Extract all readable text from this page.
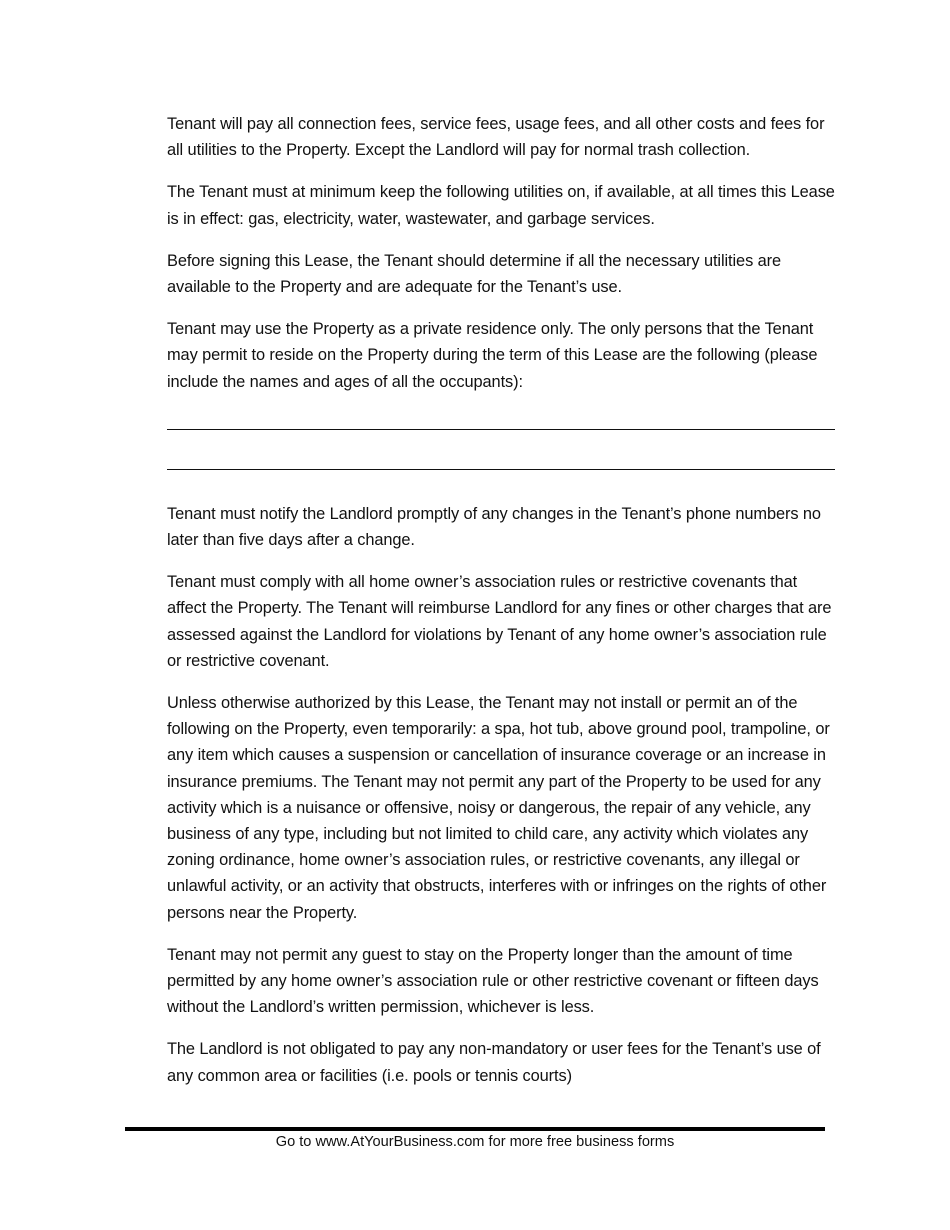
Tenant will pay all connection fees, service fees, usage fees, and all other costs and fees for all utilities to the Property. Except the Landlord will pay for normal trash collection.

The Tenant must at minimum keep the following utilities on, if available, at all times this Lease is in effect: gas, electricity, water, wastewater, and garbage services.

Before signing this Lease, the Tenant should determine if all the necessary utilities are available to the Property and are adequate for the Tenant’s use.

Tenant may use the Property as a private residence only. The only persons that the Tenant may permit to reside on the Property during the term of this Lease are the following (please include the names and ages of all the occupants):

Tenant must notify the Landlord promptly of any changes in the Tenant’s phone numbers no later than five days after a change.

Tenant must comply with all home owner’s association rules or restrictive covenants that affect the Property. The Tenant will reimburse Landlord for any fines or other charges that are assessed against the Landlord for violations by Tenant of any home owner’s association rule or restrictive covenant.

Unless otherwise authorized by this Lease, the Tenant may not install or permit an of the following on the Property, even temporarily: a spa, hot tub, above ground pool, trampoline, or any item which causes a suspension or cancellation of insurance coverage or an increase in insurance premiums. The Tenant may not permit any part of the Property to be used for any activity which is a nuisance or offensive, noisy or dangerous, the repair of any vehicle, any business of any type, including but not limited to child care, any activity which violates any zoning ordinance, home owner’s association rules, or restrictive covenants, any illegal or unlawful activity, or an activity that obstructs, interferes with or infringes on the rights of other persons near the Property.

Tenant may not permit any guest to stay on the Property longer than the amount of time permitted by any home owner’s association rule or other restrictive covenant or fifteen days without the Landlord’s written permission, whichever is less.

The Landlord is not obligated to pay any non-mandatory or user fees for the Tenant’s use of any common area or facilities (i.e. pools or tennis courts)

Go to www.AtYourBusiness.com for more free business forms
